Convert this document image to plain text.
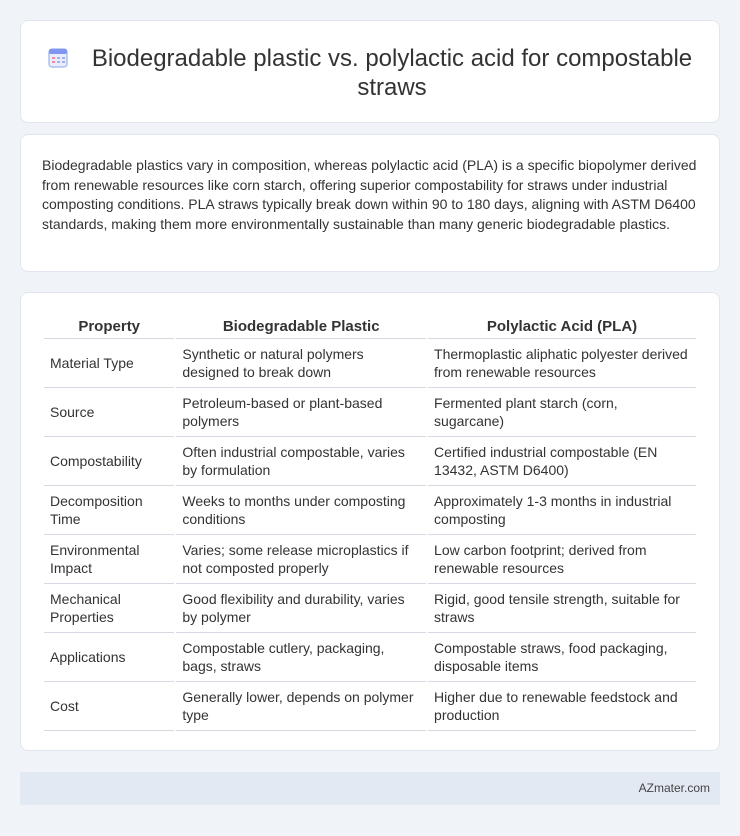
Biodegradable plastic vs. polylactic acid for compostable straws

Biodegradable plastics vary in composition, whereas polylactic acid (PLA) is a specific biopolymer derived from renewable resources like corn starch, offering superior compostability for straws under industrial composting conditions. PLA straws typically break down within 90 to 180 days, aligning with ASTM D6400 standards, making them more environmentally sustainable than many generic biodegradable plastics.

Property	Biodegradable Plastic	Polylactic Acid (PLA)
Material Type	Synthetic or natural polymers designed to break down	Thermoplastic aliphatic polyester derived from renewable resources
Source	Petroleum-based or plant-based polymers	Fermented plant starch (corn, sugarcane)
Compostability	Often industrial compostable, varies by formulation	Certified industrial compostable (EN 13432, ASTM D6400)
Decomposition Time	Weeks to months under composting conditions	Approximately 1-3 months in industrial composting
Environmental Impact	Varies; some release microplastics if not composted properly	Low carbon footprint; derived from renewable resources
Mechanical Properties	Good flexibility and durability, varies by polymer	Rigid, good tensile strength, suitable for straws
Applications	Compostable cutlery, packaging, bags, straws	Compostable straws, food packaging, disposable items
Cost	Generally lower, depends on polymer type	Higher due to renewable feedstock and production
AZmater.com
